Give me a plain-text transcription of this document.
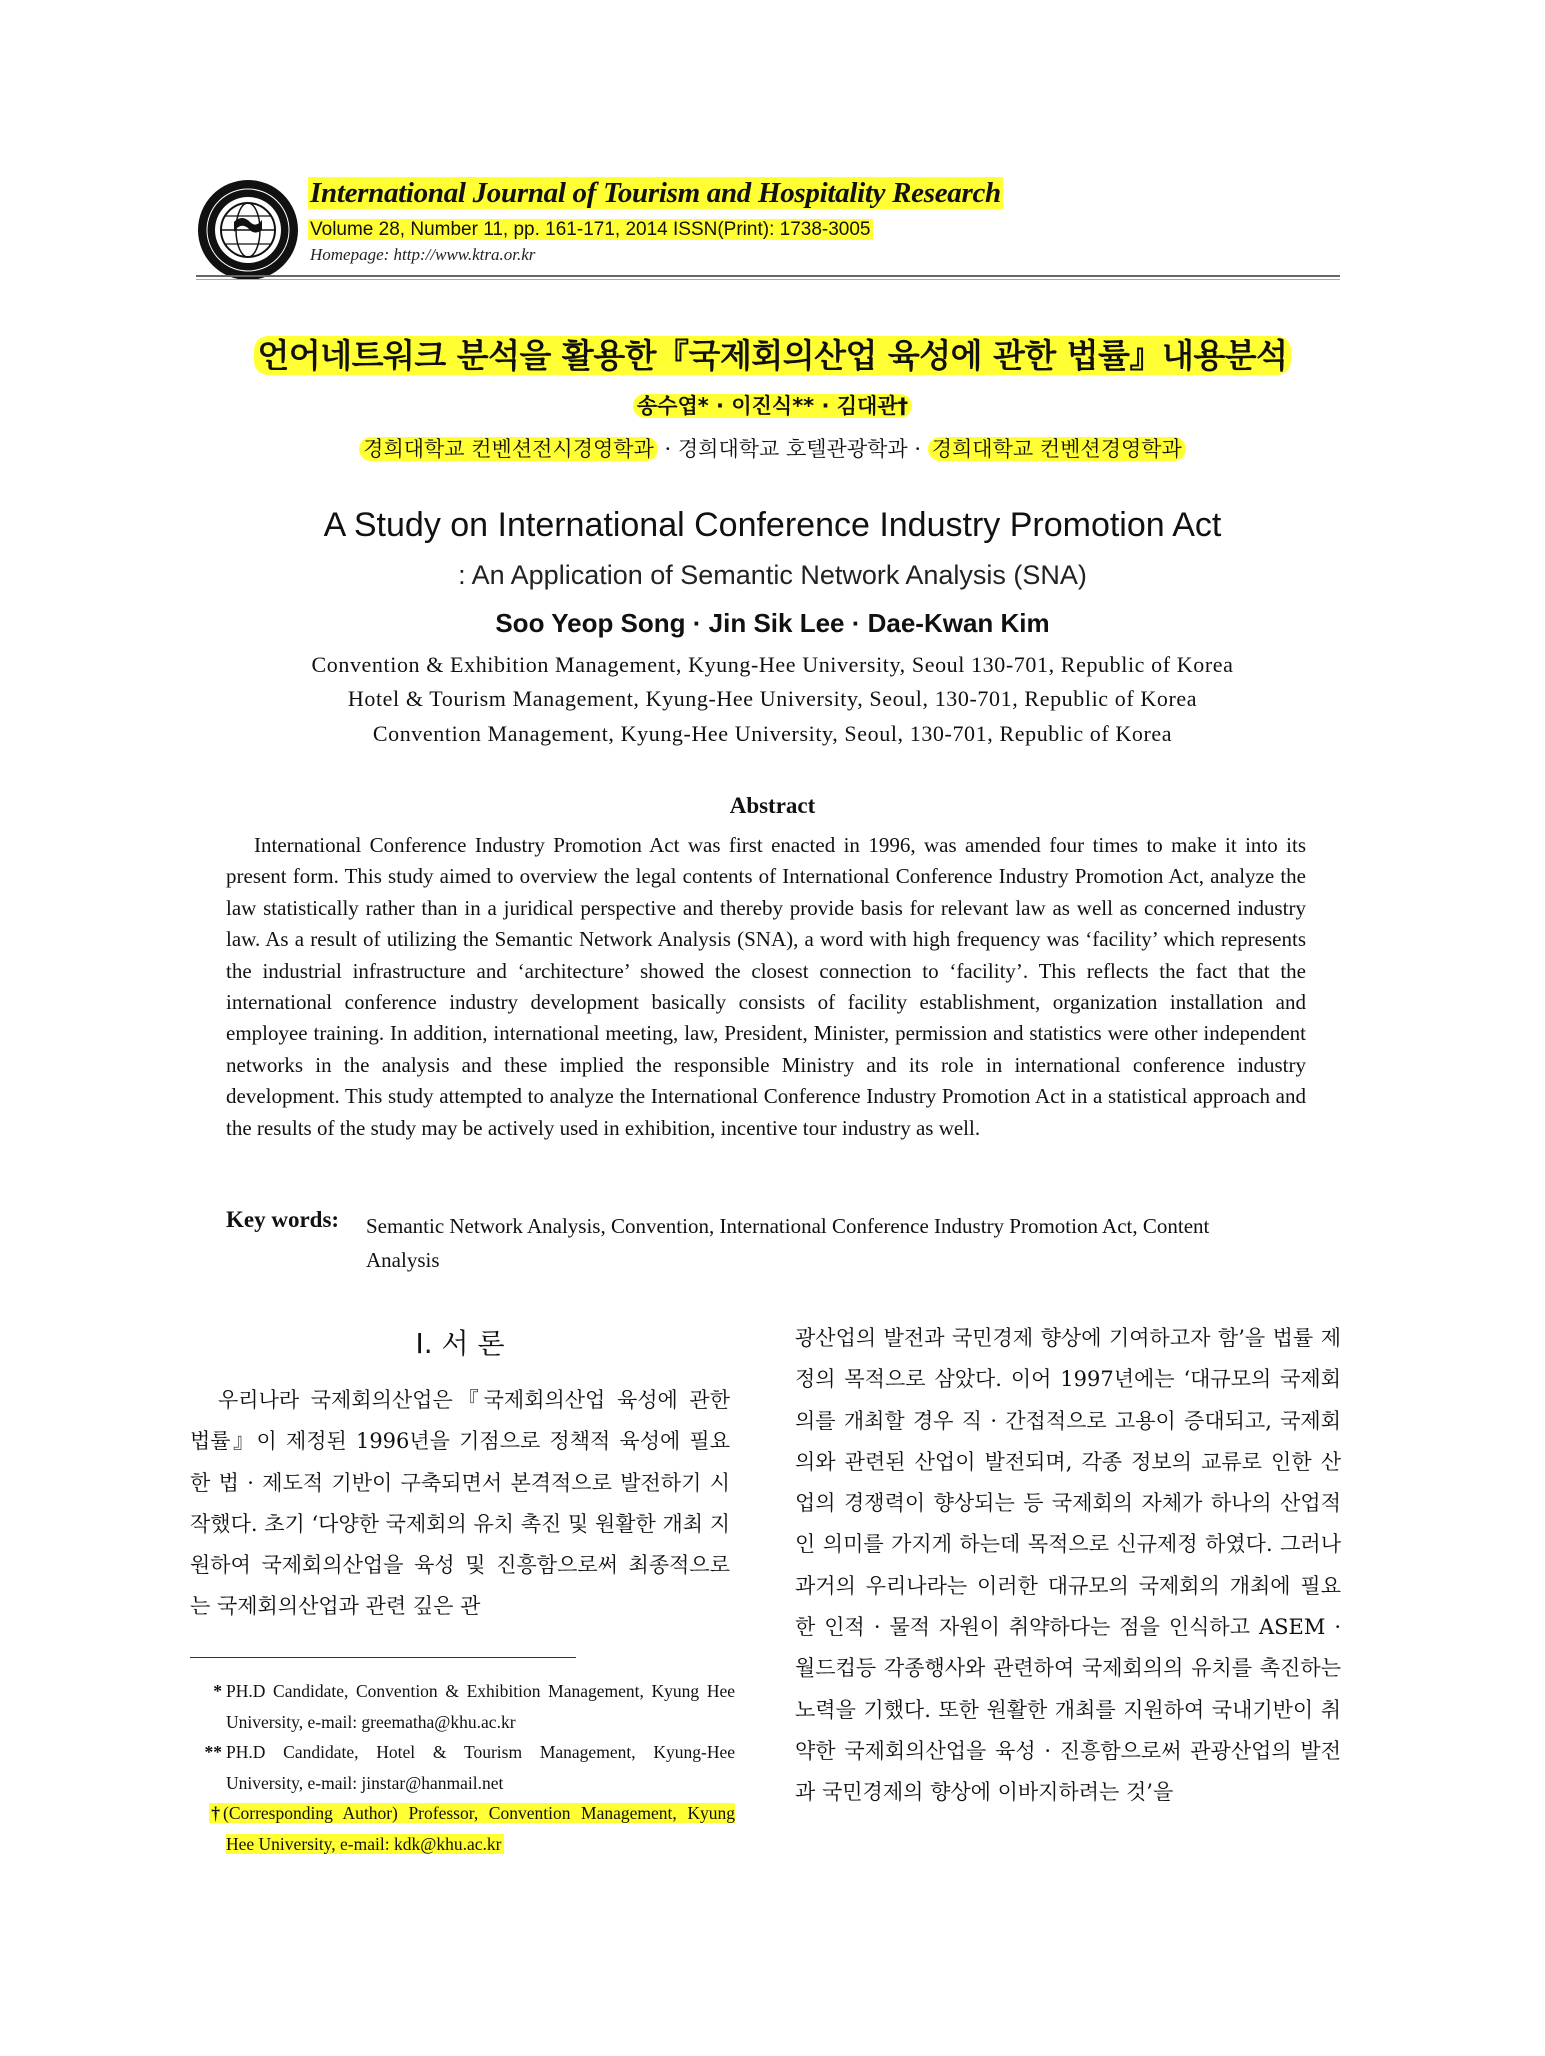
International Journal of Tourism and Hospitality Research
Volume 28, Number 11, pp. 161-171, 2014 ISSN(Print): 1738-3005
Homepage: http://www.ktra.or.kr
언어네트워크 분석을 활용한『국제회의산업 육성에 관한 법률』내용분석
송수엽* · 이진식** · 김대관†
경희대학교 컨벤션전시경영학과 · 경희대학교 호텔관광학과 · 경희대학교 컨벤션경영학과
A Study on International Conference Industry Promotion Act
: An Application of Semantic Network Analysis (SNA)
Soo Yeop Song · Jin Sik Lee · Dae-Kwan Kim
Convention & Exhibition Management, Kyung-Hee University, Seoul 130-701, Republic of Korea
Hotel & Tourism Management, Kyung-Hee University, Seoul, 130-701, Republic of Korea
Convention Management, Kyung-Hee University, Seoul, 130-701, Republic of Korea
Abstract
International Conference Industry Promotion Act was first enacted in 1996, was amended four times to make it into its present form. This study aimed to overview the legal contents of International Conference Industry Promotion Act, analyze the law statistically rather than in a juridical perspective and thereby provide basis for relevant law as well as concerned industry law. As a result of utilizing the Semantic Network Analysis (SNA), a word with high frequency was ‘facility’ which represents the industrial infrastructure and ‘architecture’ showed the closest connection to ‘facility’. This reflects the fact that the international conference industry development basically consists of facility establishment, organization installation and employee training. In addition, international meeting, law, President, Minister, permission and statistics were other independent networks in the analysis and these implied the responsible Ministry and its role in international conference industry development. This study attempted to analyze the International Conference Industry Promotion Act in a statistical approach and the results of the study may be actively used in exhibition, incentive tour industry as well.
Key words: Semantic Network Analysis, Convention, International Conference Industry Promotion Act, Content Analysis
Ⅰ. 서 론
우리나라 국제회의산업은『국제회의산업 육성에 관한 법률』이 제정된 1996년을 기점으로 정책적 육성에 필요한 법 · 제도적 기반이 구축되면서 본격적으로 발전하기 시작했다. 초기 ‘다양한 국제회의 유치 촉진 및 원활한 개최 지원하여 국제회의산업을 육성 및 진흥함으로써 최종적으로는 국제회의산업과 관련 깊은 관
광산업의 발전과 국민경제 향상에 기여하고자 함’을 법률 제정의 목적으로 삼았다. 이어 1997년에는 ‘대규모의 국제회의를 개최할 경우 직 · 간접적으로 고용이 증대되고, 국제회의와 관련된 산업이 발전되며, 각종 정보의 교류로 인한 산업의 경쟁력이 향상되는 등 국제회의 자체가 하나의 산업적인 의미를 가지게 하는데 목적으로 신규제정 하였다. 그러나 과거의 우리나라는 이러한 대규모의 국제회의 개최에 필요한 인적 · 물적 자원이 취약하다는 점을 인식하고 ASEM · 월드컵등 각종행사와 관련하여 국제회의의 유치를 촉진하는 노력을 기했다. 또한 원활한 개최를 지원하여 국내기반이 취약한 국제회의산업을 육성 · 진흥함으로써 관광산업의 발전과 국민경제의 향상에 이바지하려는 것’을
* PH.D Candidate, Convention & Exhibition Management, Kyung Hee University, e-mail: greematha@khu.ac.kr
** PH.D Candidate, Hotel & Tourism Management, Kyung-Hee University, e-mail: jinstar@hanmail.net
† (Corresponding Author) Professor, Convention Management, Kyung Hee University, e-mail: kdk@khu.ac.kr
